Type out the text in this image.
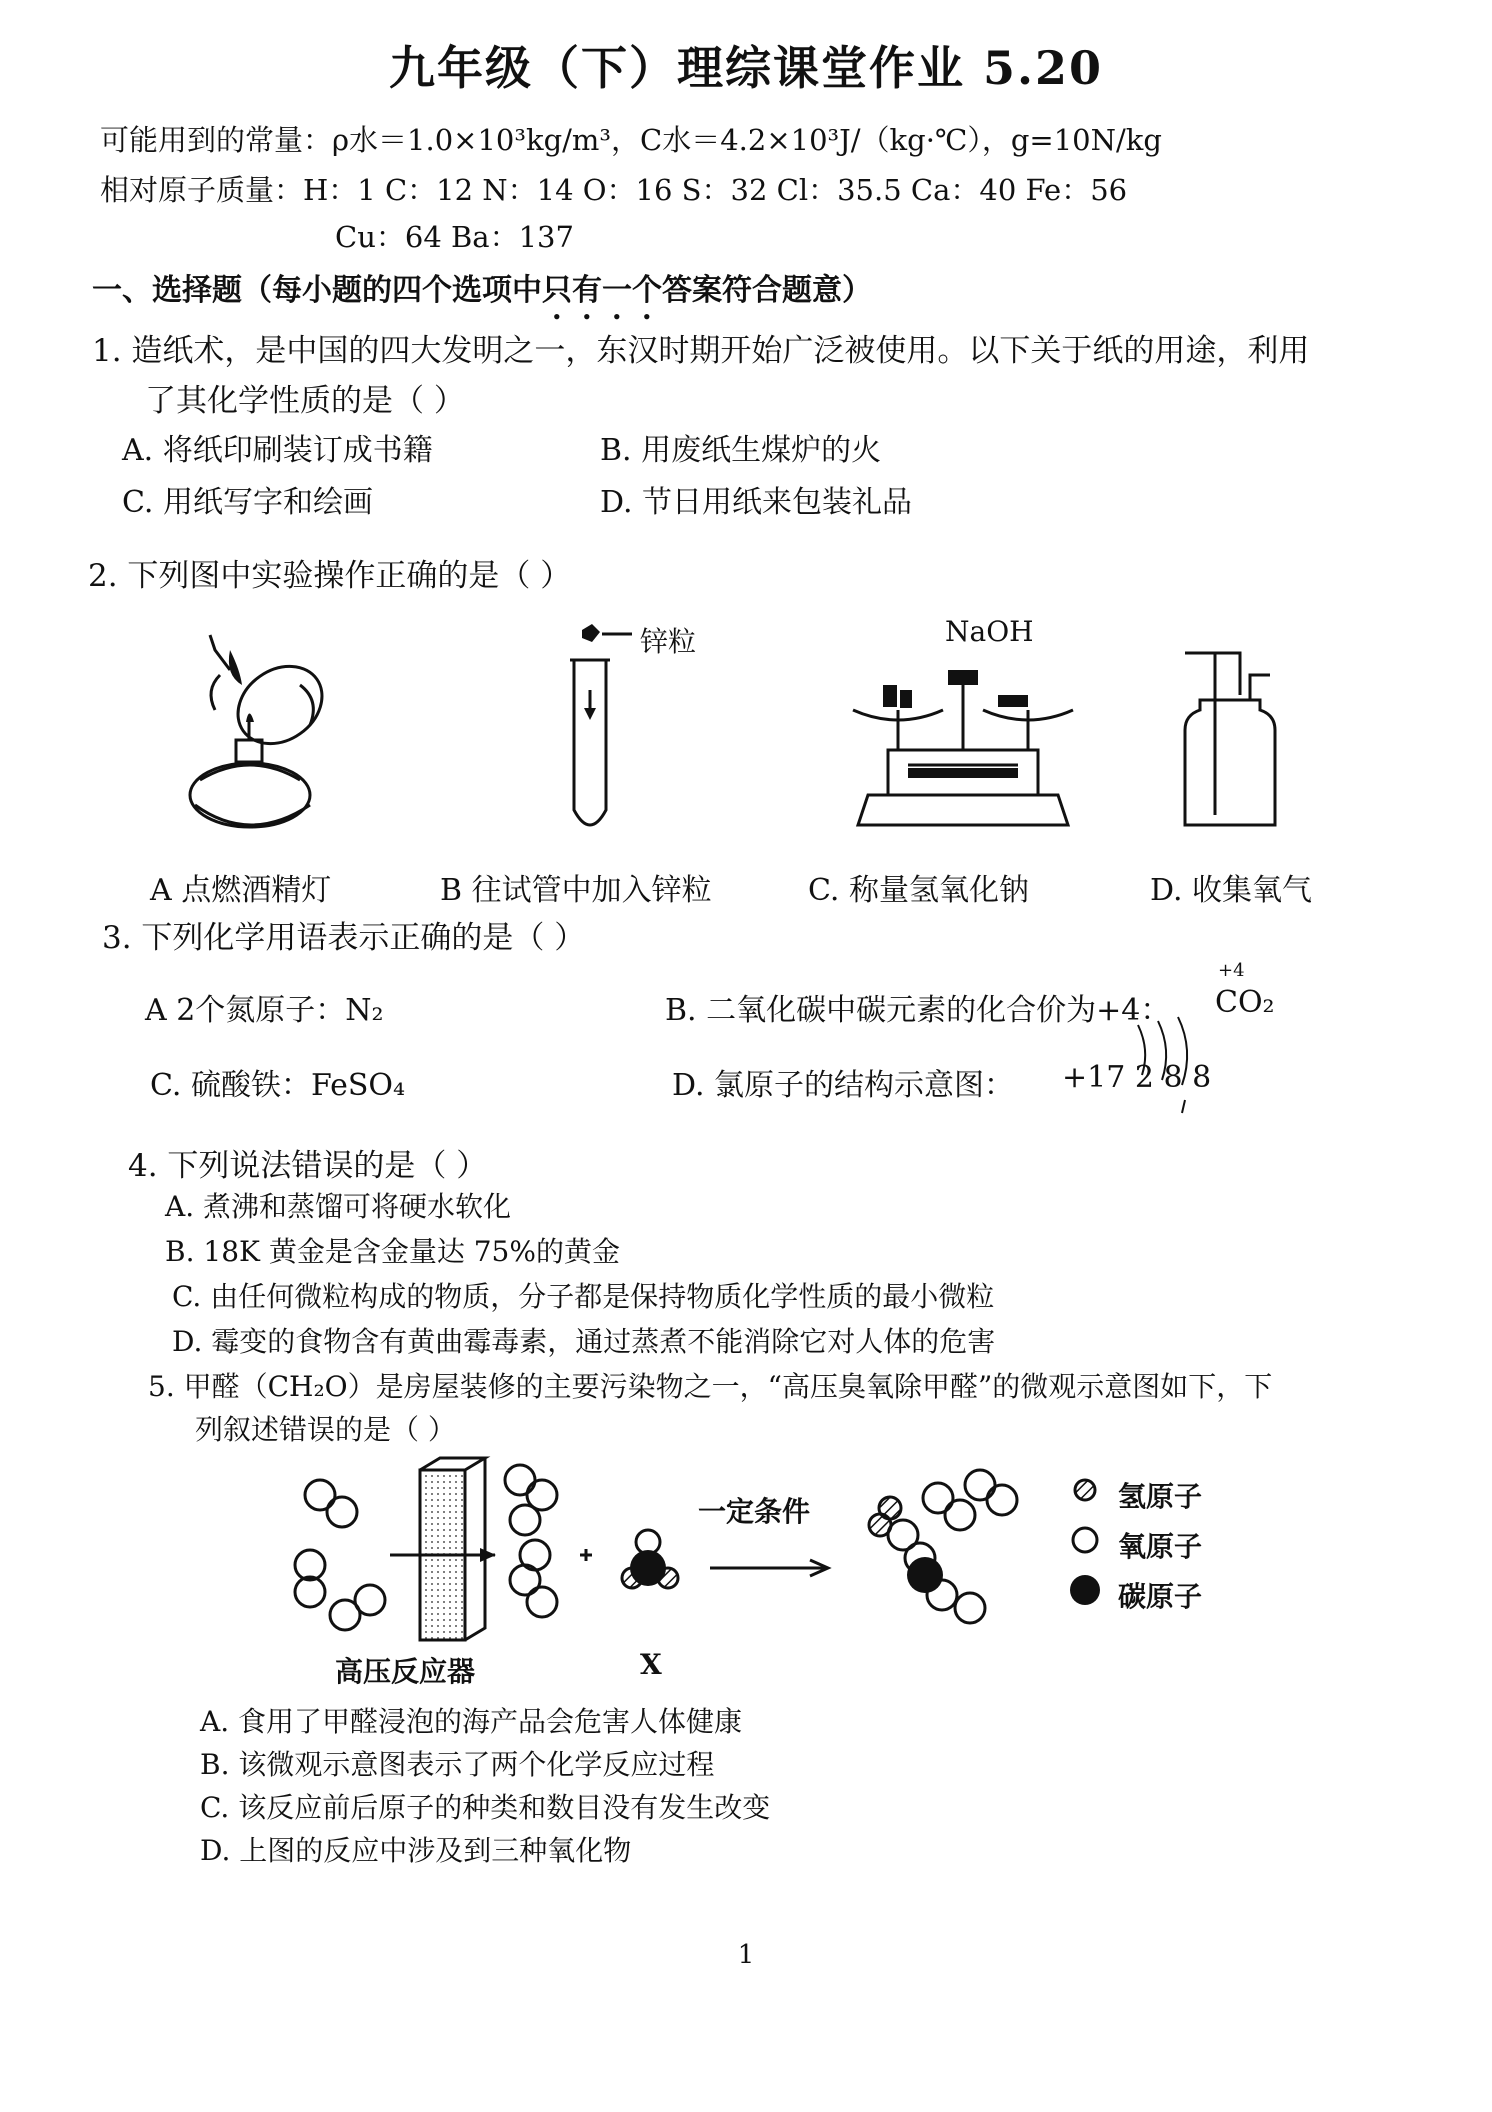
九年级（下）理综课堂作业 5.20
可能用到的常量：ρ水＝1.0×10³kg/m³，C水＝4.2×10³J/（kg·℃），g=10N/kg
相对原子质量：H：1 C：12 N：14 O：16 S：32 Cl：35.5 Ca：40 Fe：56
Cu：64 Ba：137
一、选择题（每小题的四个选项中只有一个答案符合题意）
1. 造纸术，是中国的四大发明之一，东汉时期开始广泛被使用。以下关于纸的用途，利用
了其化学性质的是（ ）
A. 将纸印刷装订成书籍	B. 用废纸生煤炉的火
C. 用纸写字和绘画	D. 节日用纸来包装礼品
2. 下列图中实验操作正确的是（ ）
锌粒	NaOH
A 点燃酒精灯	B 往试管中加入锌粒	C. 称量氢氧化钠	D. 收集氧气
3. 下列化学用语表示正确的是（ ）
A 2个氮原子：N₂	B. 二氧化碳中碳元素的化合价为+4：
+4
CO₂
C. 硫酸铁：FeSO₄	D. 氯原子的结构示意图： +17 2 8 8
4. 下列说法错误的是（ ）
A. 煮沸和蒸馏可将硬水软化
B. 18K 黄金是含金量达 75%的黄金
C. 由任何微粒构成的物质，分子都是保持物质化学性质的最小微粒
D. 霉变的食物含有黄曲霉毒素，通过蒸煮不能消除它对人体的危害
5. 甲醛（CH₂O）是房屋装修的主要污染物之一，“高压臭氧除甲醛”的微观示意图如下，下
列叙述错误的是（ ）
一定条件	氢原子
氧原子
碳原子
高压反应器	X
A. 食用了甲醛浸泡的海产品会危害人体健康
B. 该微观示意图表示了两个化学反应过程
C. 该反应前后原子的种类和数目没有发生改变
D. 上图的反应中涉及到三种氧化物
1
